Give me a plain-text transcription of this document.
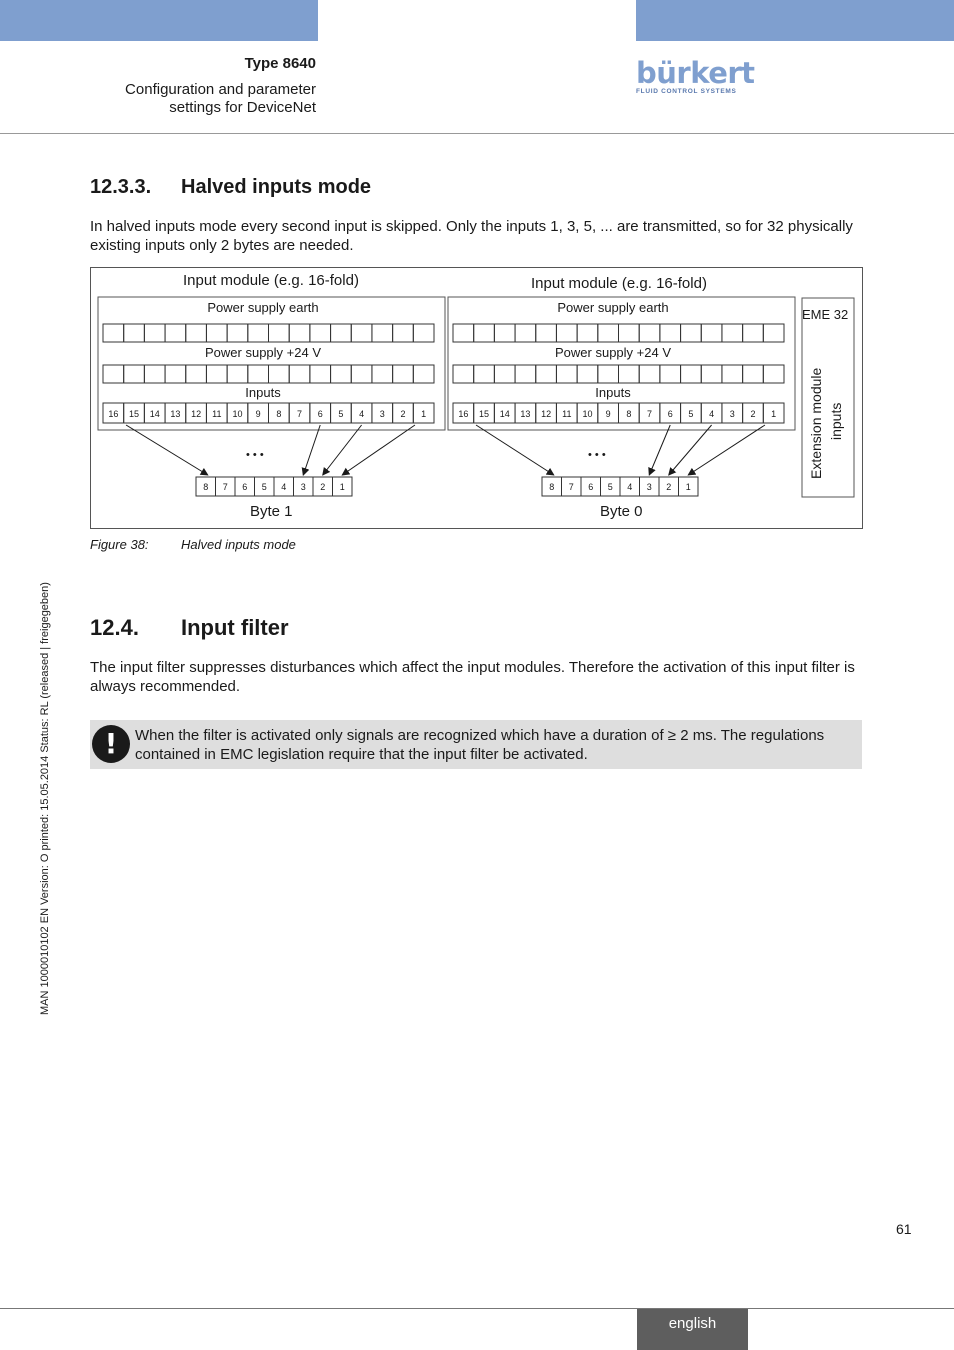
Type 8640
Configuration and parameter
settings for DeviceNet
bürkert
FLUID CONTROL SYSTEMS
12.3.3. Halved inputs mode
In halved inputs mode every second input is skipped. Only the inputs 1, 3, 5, ... are transmitted, so for 32 physically existing inputs only 2 bytes are needed.
Input module (e.g. 16-fold)	Input module (e.g. 16-fold)
Power supply earth
Power supply +24 V
Inputs
16 15 14 13 12 11 10 9 8 7 6 5 4 3 2 1
Power supply earth
Power supply +24 V
Inputs
16 15 14 13 12 11 10 9 8 7 6 5 4 3 2 1
8 7 6 5 4 3 2 1	8 7 6 5 4 3 2 1
• • •	• • •
Byte 1	Byte 0
EME 32
Extension module inputs
Figure 38: Halved inputs mode
12.4. Input filter
The input filter suppresses disturbances which affect the input modules. Therefore the activation of this input filter is always recommended.
!	When the filter is activated only signals are recognized which have a duration of ≥ 2 ms. The regulations contained in EMC legislation require that the input filter be activated.
MAN 1000010102 EN Version: O printed: 15.05.2014 Status: RL (released | freigegeben)
61
english
